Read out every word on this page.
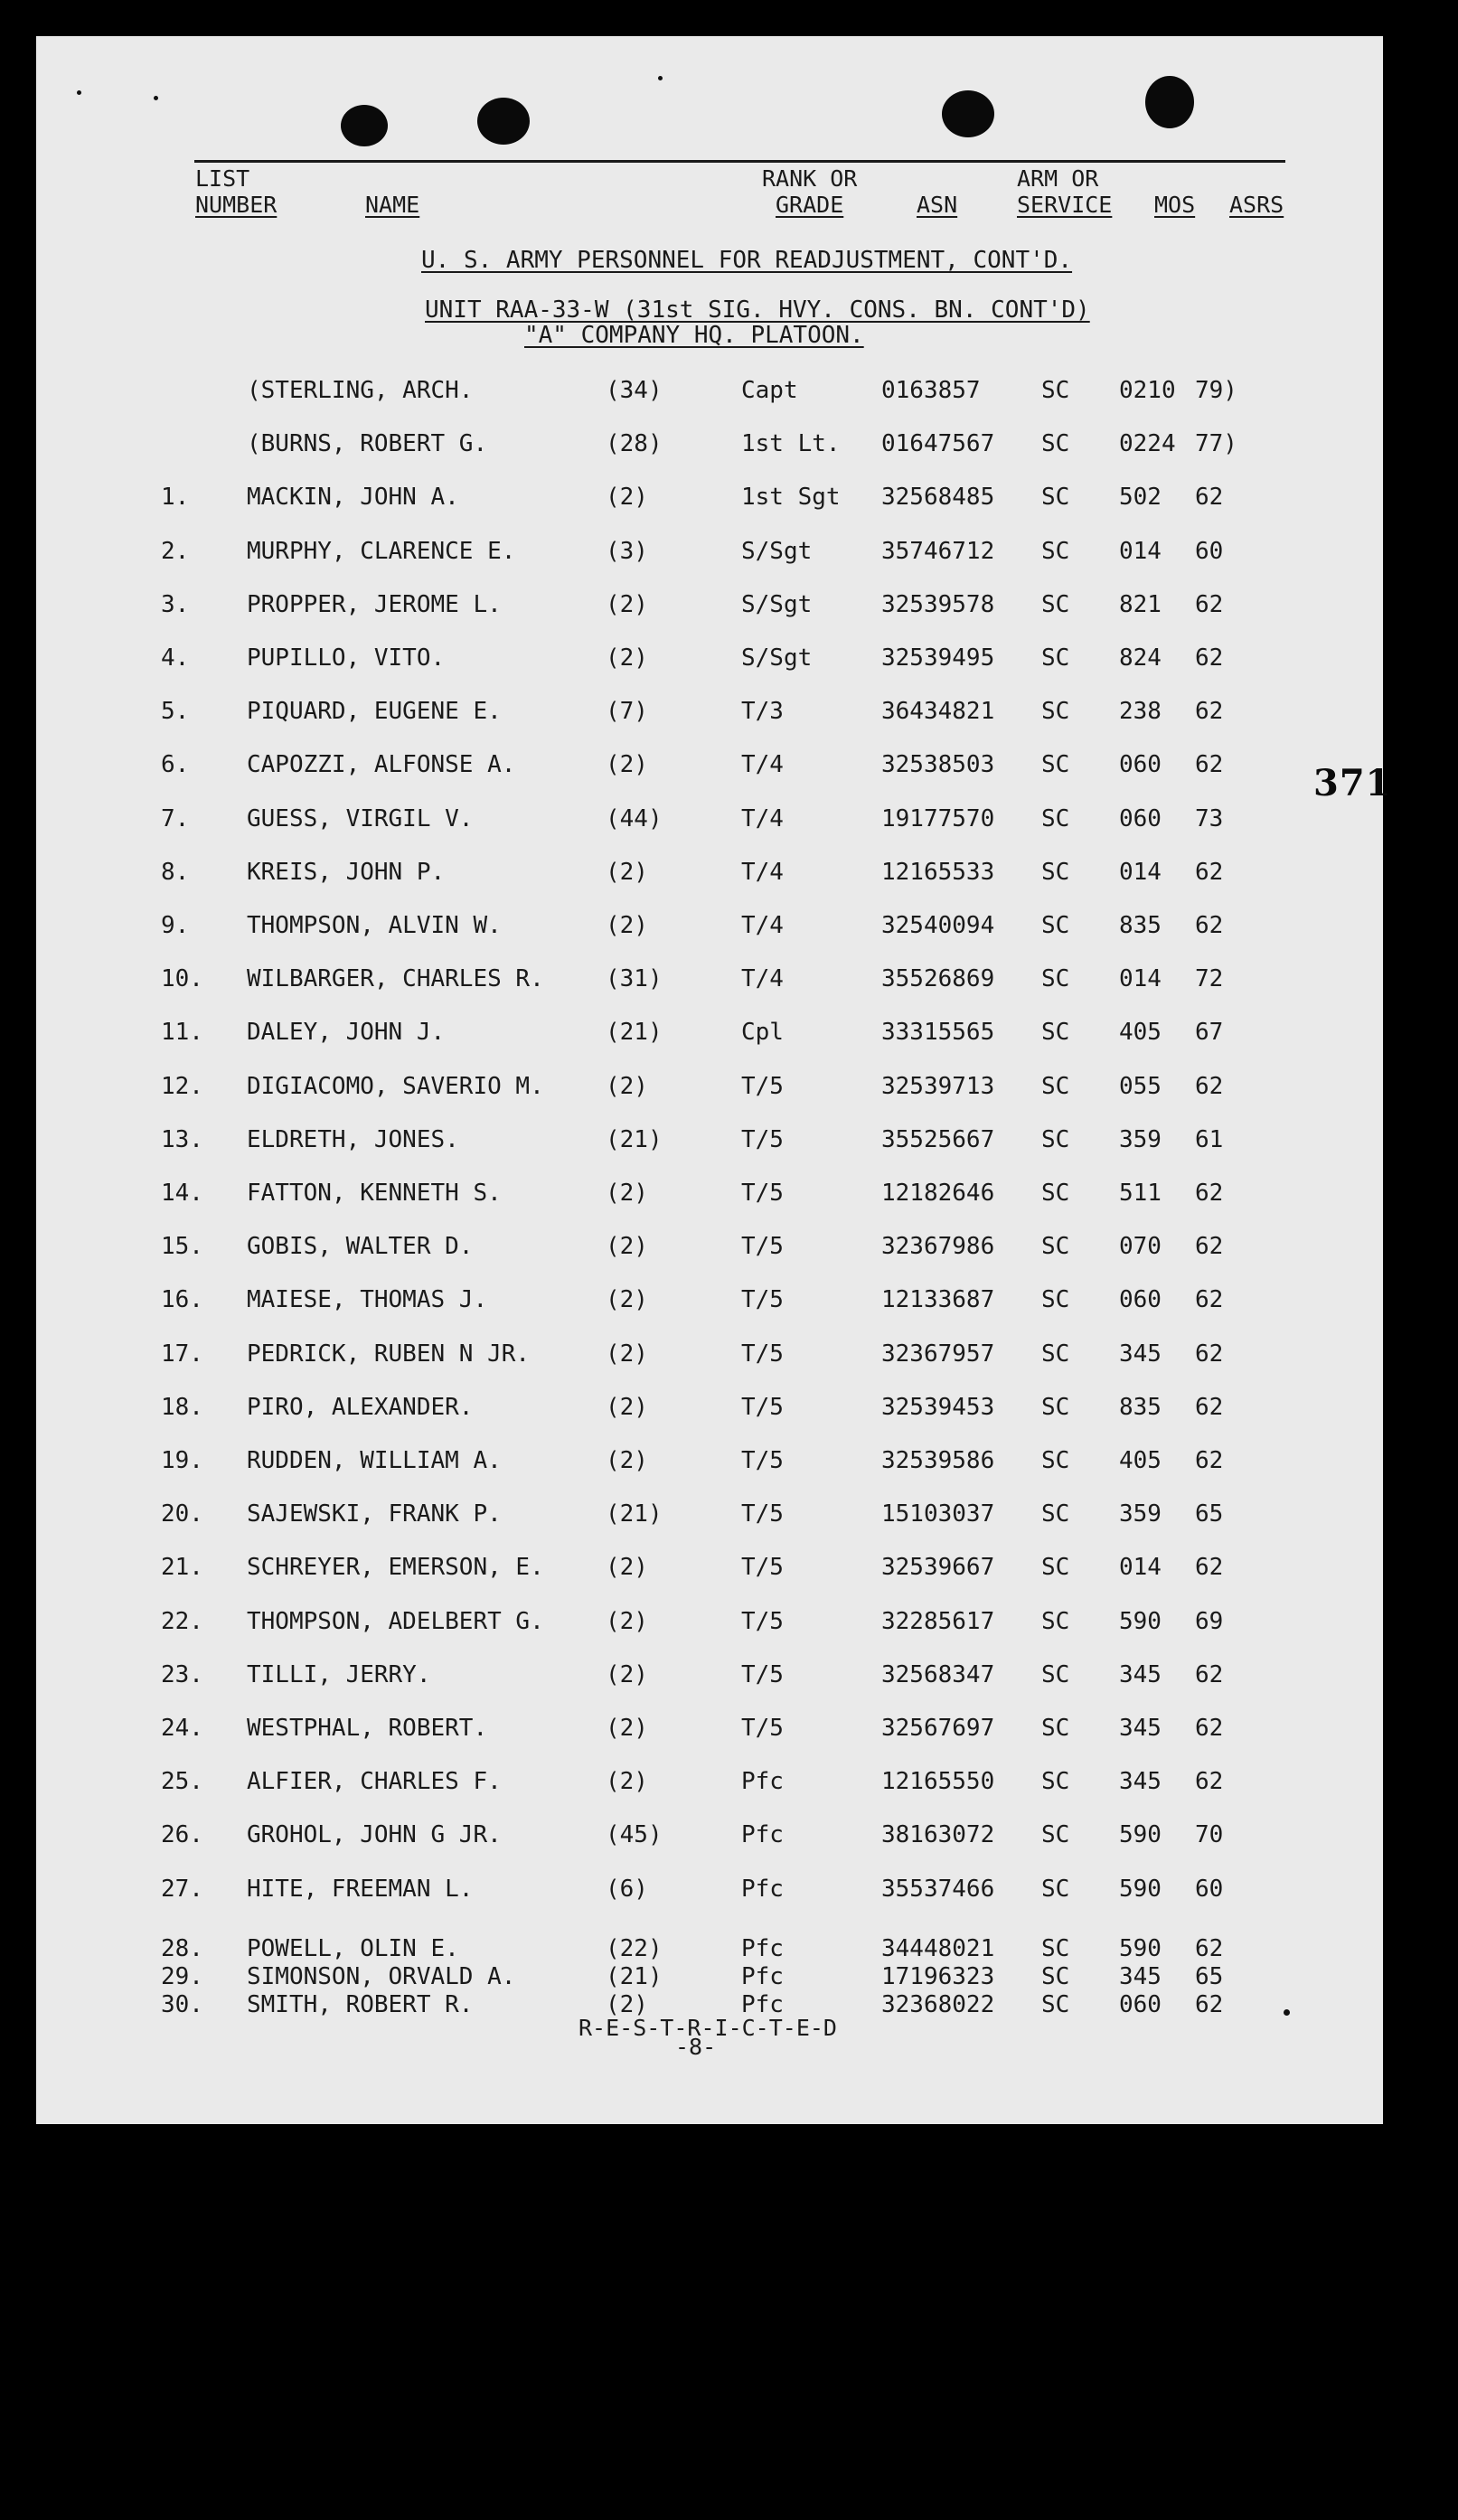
LIST
NUMBER	NAME
RANK OR
GRADE	ASN
ARM OR
SERVICE MOS ASRS
U. S. ARMY PERSONNEL FOR READJUSTMENT, CONT'D.
UNIT RAA-33-W (31st SIG. HVY. CONS. BN. CONT'D)
"A" COMPANY HQ. PLATOON.
(STERLING, ARCH.	(34)	Capt	0163857	SC 0210 79)
(BURNS, ROBERT G.	(28)	1st Lt. 01647567 SC 0224 77)
1. MACKIN, JOHN A.	(2)	1st Sgt 32568485 SC 502 62
2. MURPHY, CLARENCE E.	(3)	S/Sgt	35746712 SC 014 60
3. PROPPER, JEROME L.	(2)	S/Sgt	32539578 SC 821 62
4. PUPILLO, VITO.	(2)	S/Sgt	32539495 SC 824 62
5. PIQUARD, EUGENE E.	(7)	T/3	36434821 SC 238 62
6. CAPOZZI, ALFONSE A.	(2)	T/4	32538503 SC 060 62
7. GUESS, VIRGIL V.	(44)	T/4	19177570 SC 060 73
8. KREIS, JOHN P.	(2)	T/4	12165533 SC 014 62
9. THOMPSON, ALVIN W.	(2)	T/4	32540094 SC 835 62
10. WILBARGER, CHARLES R.	(31)	T/4	35526869 SC 014 72
11. DALEY, JOHN J.	(21)	Cpl	33315565 SC 405 67
12. DIGIACOMO, SAVERIO M.	(2)	T/5	32539713 SC 055 62
13. ELDRETH, JONES.	(21)	T/5	35525667 SC 359 61
14. FATTON, KENNETH S.	(2)	T/5	12182646 SC 511 62
15. GOBIS, WALTER D.	(2)	T/5	32367986 SC 070 62
16. MAIESE, THOMAS J.	(2)	T/5	12133687 SC 060 62
17. PEDRICK, RUBEN N JR.	(2)	T/5	32367957 SC 345 62
18. PIRO, ALEXANDER.	(2)	T/5	32539453 SC 835 62
19. RUDDEN, WILLIAM A.	(2)	T/5	32539586 SC 405 62
20. SAJEWSKI, FRANK P.	(21)	T/5	15103037 SC 359 65
21. SCHREYER, EMERSON, E.	(2)	T/5	32539667 SC 014 62
22. THOMPSON, ADELBERT G.	(2)	T/5	32285617 SC 590 69
23. TILLI, JERRY.	(2)	T/5	32568347 SC 345 62
24. WESTPHAL, ROBERT.	(2)	T/5	32567697 SC 345 62
25. ALFIER, CHARLES F.	(2)	Pfc	12165550 SC 345 62
26. GROHOL, JOHN G JR.	(45)	Pfc	38163072 SC 590 70
27. HITE, FREEMAN L.	(6)	Pfc	35537466 SC 590 60
28. POWELL, OLIN E.	(22)	Pfc	34448021 SC 590 62
29. SIMONSON, ORVALD A.	(21)	Pfc	17196323 SC 345 65
30. SMITH, ROBERT R.	(2)	Pfc	32368022 SC 060 62
R-E-S-T-R-I-C-T-E-D
-8-
371
